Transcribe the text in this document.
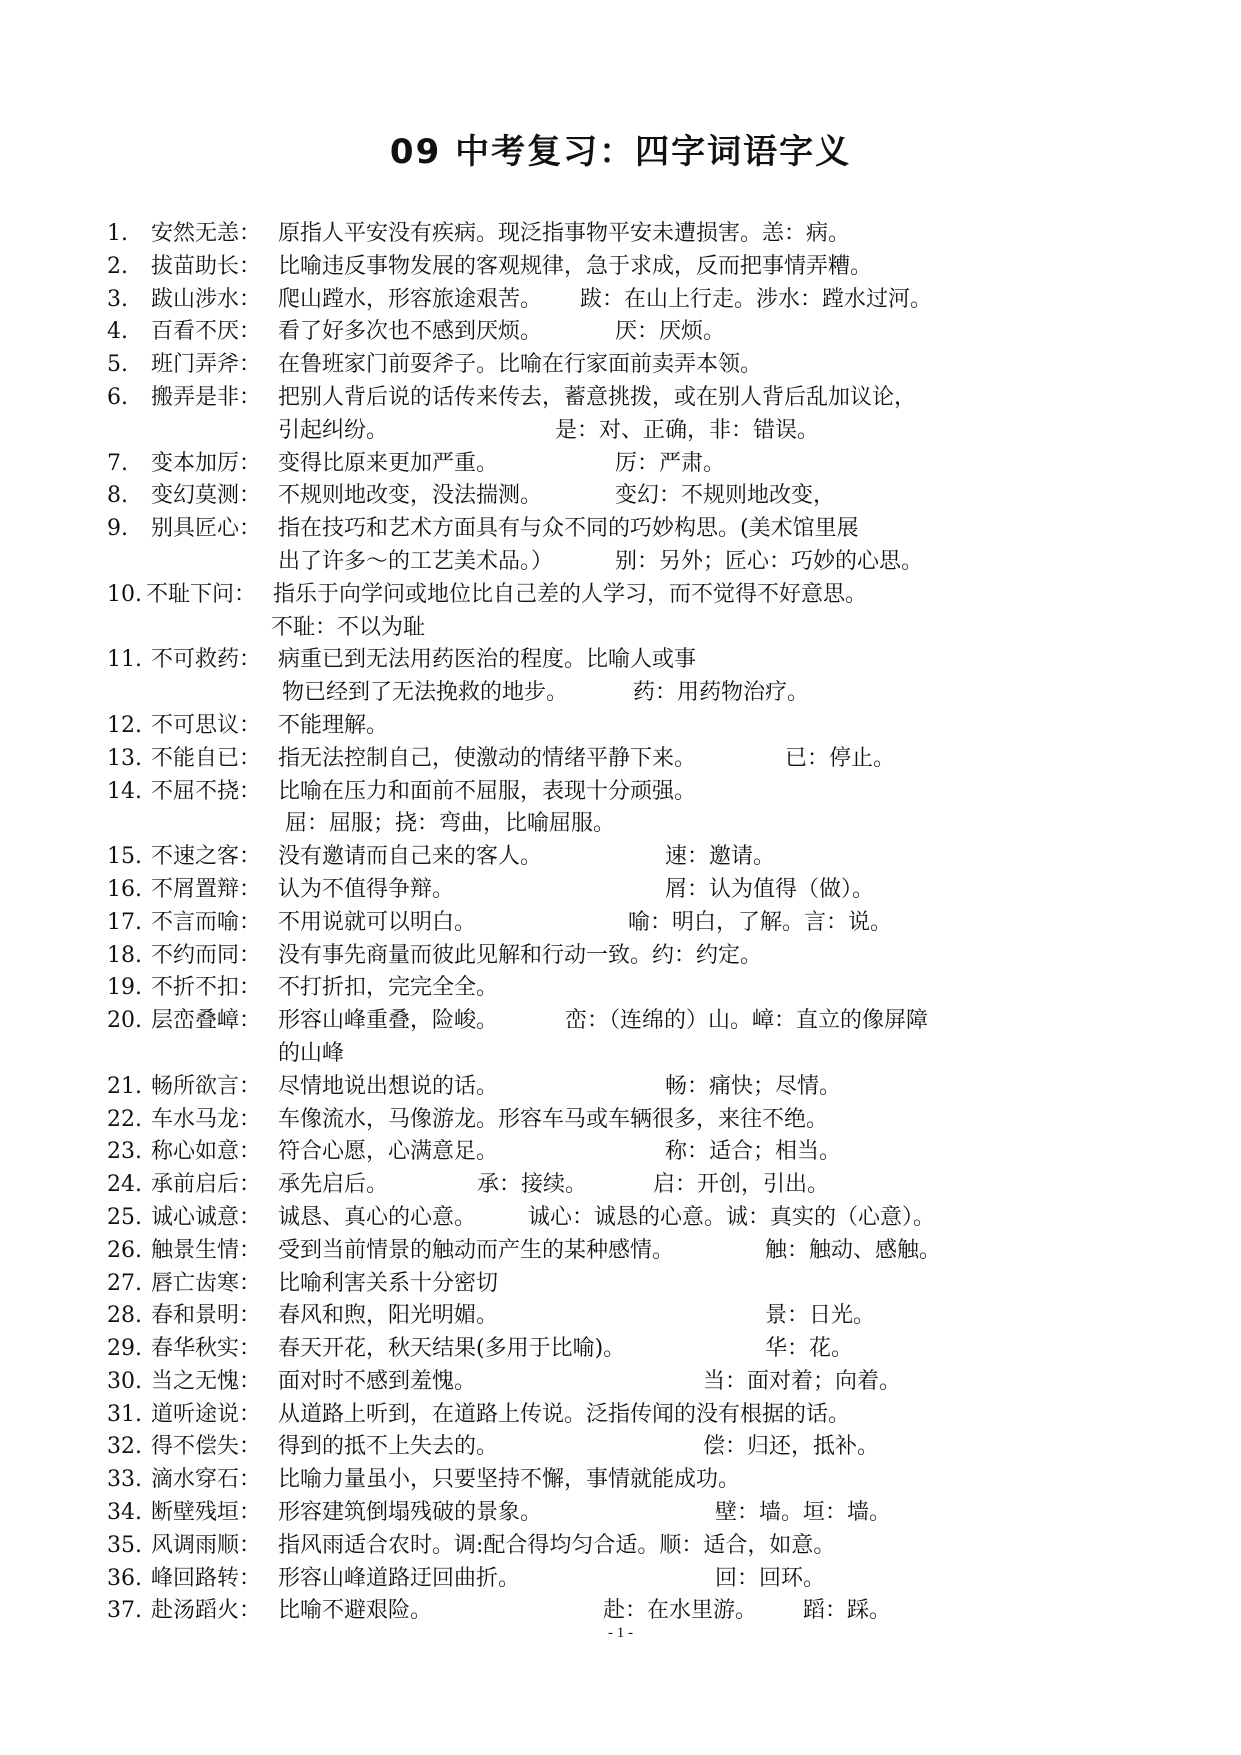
09 中考复习：四字词语字义
1. 安然无恙： 原指人平安没有疾病。现泛指事物平安未遭损害。恙：病。
2. 拔苗助长： 比喻违反事物发展的客观规律，急于求成，反而把事情弄糟。
3. 跋山涉水： 爬山蹚水，形容旅途艰苦。 跋：在山上行走。涉水：蹚水过河。
4. 百看不厌： 看了好多次也不感到厌烦。	厌：厌烦。
5. 班门弄斧： 在鲁班家门前耍斧子。比喻在行家面前卖弄本领。
6. 搬弄是非： 把别人背后说的话传来传去，蓄意挑拨，或在别人背后乱加议论，
引起纠纷。	是：对、正确，非：错误。
7. 变本加厉： 变得比原来更加严重。	厉：严肃。
8. 变幻莫测： 不规则地改变，没法揣测。	变幻：不规则地改变，
9. 别具匠心： 指在技巧和艺术方面具有与众不同的巧妙构思。(美术馆里展
出了许多～的工艺美术品。）	别：另外；匠心：巧妙的心思。
10. 不耻下问： 指乐于向学问或地位比自己差的人学习，而不觉得不好意思。
不耻：不以为耻
11. 不可救药： 病重已到无法用药医治的程度。比喻人或事
物已经到了无法挽救的地步。	药：用药物治疗。
12. 不可思议： 不能理解。
13. 不能自已： 指无法控制自己，使激动的情绪平静下来。	已：停止。
14. 不屈不挠： 比喻在压力和面前不屈服，表现十分顽强。
屈：屈服；挠：弯曲，比喻屈服。
15. 不速之客： 没有邀请而自己来的客人。	速：邀请。
16. 不屑置辩： 认为不值得争辩。	屑：认为值得（做）。
17. 不言而喻： 不用说就可以明白。	喻：明白，了解。言：说。
18. 不约而同： 没有事先商量而彼此见解和行动一致。约：约定。
19. 不折不扣： 不打折扣，完完全全。
20. 层峦叠嶂： 形容山峰重叠，险峻。	峦：（连绵的）山。嶂：直立的像屏障
的山峰
21. 畅所欲言： 尽情地说出想说的话。	畅：痛快；尽情。
22. 车水马龙： 车像流水，马像游龙。形容车马或车辆很多，来往不绝。
23. 称心如意： 符合心愿，心满意足。	称：适合；相当。
24. 承前启后： 承先启后。	承：接续。	启：开创，引出。
25. 诚心诚意： 诚恳、真心的心意。 诚心：诚恳的心意。诚：真实的（心意）。
26. 触景生情： 受到当前情景的触动而产生的某种感情。	触：触动、感触。
27. 唇亡齿寒： 比喻利害关系十分密切
28. 春和景明： 春风和煦，阳光明媚。	景：日光。
29. 春华秋实： 春天开花，秋天结果(多用于比喻)。	华：花。
30. 当之无愧： 面对时不感到羞愧。	当：面对着；向着。
31. 道听途说： 从道路上听到，在道路上传说。泛指传闻的没有根据的话。
32. 得不偿失： 得到的抵不上失去的。	偿：归还，抵补。
33. 滴水穿石： 比喻力量虽小，只要坚持不懈，事情就能成功。
34. 断壁残垣： 形容建筑倒塌残破的景象。	壁：墙。垣：墙。
35. 风调雨顺： 指风雨适合农时。调:配合得均匀合适。顺：适合，如意。
36. 峰回路转： 形容山峰道路迂回曲折。	回：回环。
37. 赴汤蹈火： 比喻不避艰险。	赴：在水里游。 蹈：踩。
- 1 -
